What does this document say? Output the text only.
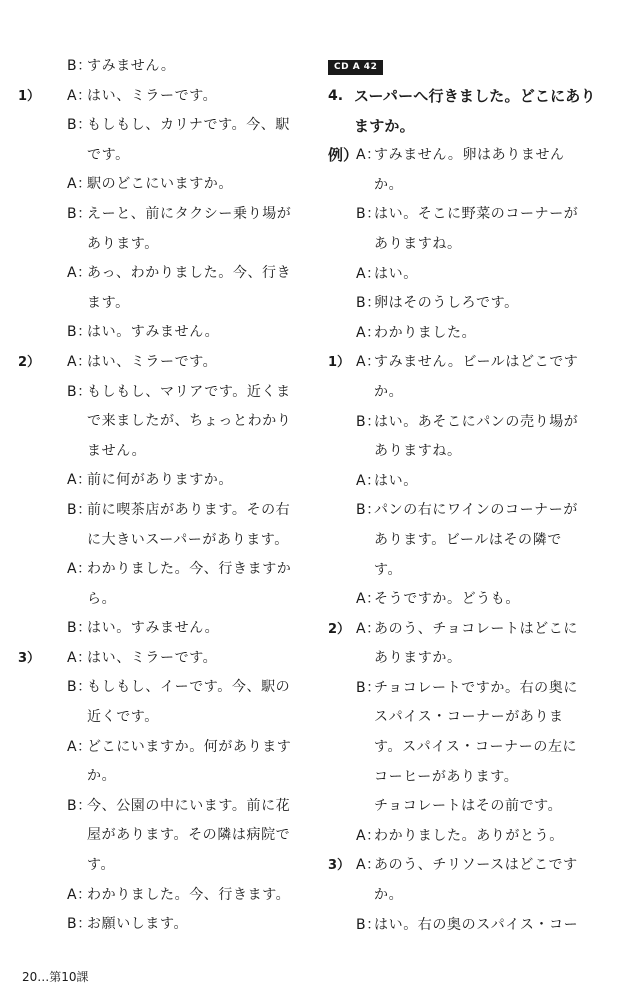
B：
すみません。
1） A：
はい、ミラーです。
B：
もしもし、カリナです。今、駅
です。
A：
駅のどこにいますか。
B：
えーと、前にタクシー乗り場が
あります。
A：
あっ、わかりました。今、行き
ます。
B：
はい。すみません。
2） A：
はい、ミラーです。
B：
もしもし、マリアです。近くま
で来ましたが、ちょっとわかり
ません。
A：
前に何がありますか。
B：
前に喫茶店があります。その右
に大きいスーパーがあります。
A：
わかりました。今、行きますか
ら。
B：
はい。すみません。
3） A：
はい、ミラーです。
B：
もしもし、イーです。今、駅の
近くです。
A：
どこにいますか。何があります
か。
B：
今、公園の中にいます。前に花
屋があります。その隣は病院で
す。
A：
わかりました。今、行きます。
B：
お願いします。
CD A 42
4. スーパーへ行きました。どこにあり
ますか。
例）
A：
すみません。卵はありません
か。
B：
はい。そこに野菜のコーナーが
ありますね。
A：
はい。
B：
卵はそのうしろです。
A：
わかりました。
1） A：
すみません。ビールはどこです
か。
B：
はい。あそこにパンの売り場が
ありますね。
A：
はい。
B：
パンの右にワインのコーナーが
あります。ビールはその隣で
す。
A：
そうですか。どうも。
2） A：
あのう、チョコレートはどこに
ありますか。
B：
チョコレートですか。右の奥に
スパイス・コーナーがありま
す。スパイス・コーナーの左に
コーヒーがあります。
チョコレートはその前です。
A：
わかりました。ありがとう。
3） A：
あのう、チリソースはどこです
か。
B：
はい。右の奥のスパイス・コー
20…第10課
